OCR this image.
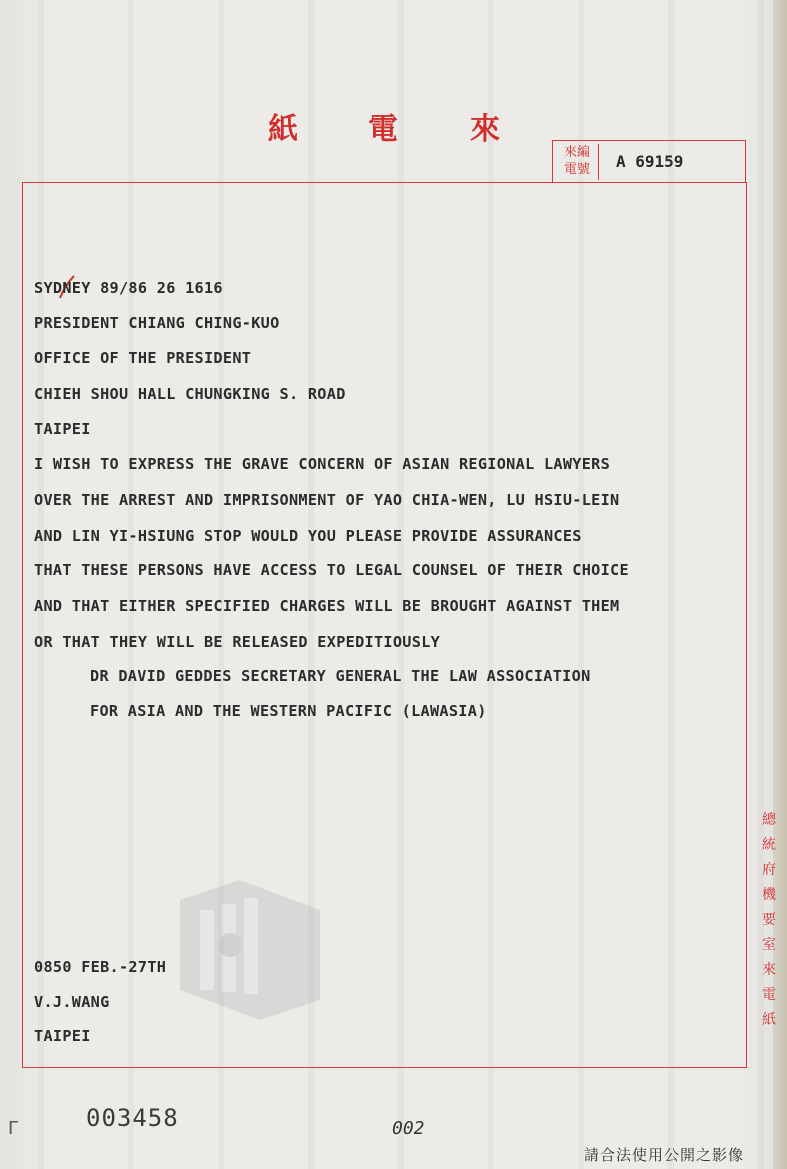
紙 電 來
來編
電號	A 69159
SYDNEY 89/86 26 1616
PRESIDENT CHIANG CHING-KUO
OFFICE OF THE PRESIDENT
CHIEH SHOU HALL CHUNGKING S. ROAD
TAIPEI
I WISH TO EXPRESS THE GRAVE CONCERN OF ASIAN REGIONAL LAWYERS
OVER THE ARREST AND IMPRISONMENT OF YAO CHIA-WEN, LU HSIU-LEIN
AND LIN YI-HSIUNG STOP WOULD YOU PLEASE PROVIDE ASSURANCES
THAT THESE PERSONS HAVE ACCESS TO LEGAL COUNSEL OF THEIR CHOICE
AND THAT EITHER SPECIFIED CHARGES WILL BE BROUGHT AGAINST THEM
OR THAT THEY WILL BE RELEASED EXPEDITIOUSLY
DR DAVID GEDDES SECRETARY GENERAL THE LAW ASSOCIATION
FOR ASIA AND THE WESTERN PACIFIC (LAWASIA)
0850 FEB.-27TH
V.J.WANG
TAIPEI
總統府機要室來電紙
ᒥ	003458	002
請合法使用公開之影像
